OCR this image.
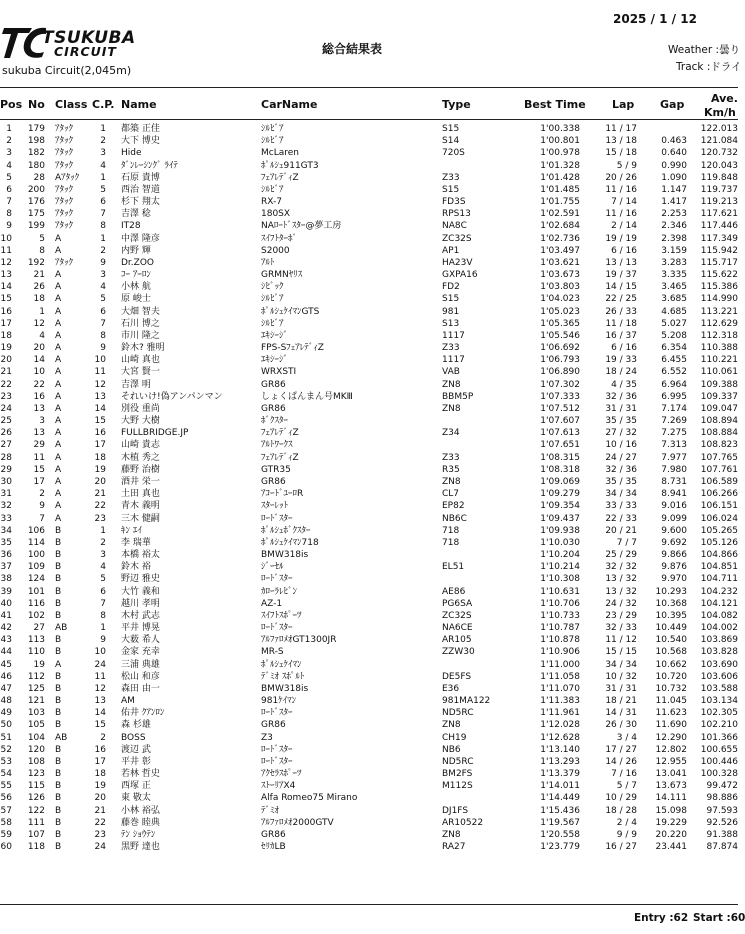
TSUKUBA
CIRCUIT
sukuba Circuit(2,045m)
総合結果表
2025 / 1 / 12
Weather :曇り
Track :ドライ
Pos No Class C.P. Name	CarName	Type	Best Time Lap Gap Ave.
Km/h
1 179 ｱﾀｯｸ	1 都築 正佳	ｼﾙﾋﾞｱ	S15	1'00.338	11 / 17	122.013
2 198 ｱﾀｯｸ	2 大下 博史	ｼﾙﾋﾞｱ	S14	1'00.801	13 / 18	0.463 121.084
3 182 ｱﾀｯｸ	3 Hide	McLaren	720S	1'00.978	15 / 18	0.640 120.732
4 180 ｱﾀｯｸ	4 ﾀﾞﾝﾚｰｼﾝｸﾞ ﾗｲﾃ	ﾎﾟﾙｼｪ911GT3	1'01.328	5 / 9	0.990 120.043
5 28 Aｱﾀｯｸ 1 石原 貴博	ﾌｪｱﾚﾃﾞｨZ	Z33	1'01.428	20 / 26	1.090 119.848
6 200 ｱﾀｯｸ	5 西治 智道	ｼﾙﾋﾞｱ	S15	1'01.485	11 / 16	1.147 119.737
7 176 ｱﾀｯｸ	6 杉下 翔太	RX-7	FD3S	1'01.755	7 / 14	1.417 119.213
8 175 ｱﾀｯｸ	7 吉澤 稔	180SX	RPS13	1'02.591	11 / 16	2.253 117.621
9 199 ｱﾀｯｸ	8 IT28	NAﾛｰﾄﾞｽﾀｰ@夢工房	NA8C	1'02.684	2 / 14	2.346 117.446
10	5 A	1 中澤 隆彦	ｽｲﾌﾄﾀｰﾎﾞ	ZC32S	1'02.736	19 / 19	2.398 117.349
11	8 A	2 内野 輝	S2000	AP1	1'03.497	6 / 16	3.159 115.942
12 192 ｱﾀｯｸ	9 Dr.ZOO	ｱﾙﾄ	HA23V	1'03.621	13 / 13	3.283 115.717
13 21 A	3 ｺｰ ｱｰﾛﾝ	GRMNﾔﾘｽ	GXPA16	1'03.673	19 / 37	3.335 115.622
14 26 A	4 小林 航	ｼﾋﾞｯｸ	FD2	1'03.803	14 / 15	3.465 115.386
15 18 A	5 原 峻士	ｼﾙﾋﾞｱ	S15	1'04.023	22 / 25	3.685 114.990
16	1 A	6 大畑 智夫	ﾎﾟﾙｼｪｹｲﾏﾝGTS	981	1'05.023	26 / 33	4.685 113.221
17 12 A	7 石川 博之	ｼﾙﾋﾞｱ	S13	1'05.365	11 / 18	5.027 112.629
18	4 A	8 市川 隆之	ｴｷｼｰｼﾞ	1117	1'05.546	16 / 37	5.208 112.318
19 20 A	9 鈴木? 雅明	FPS-SﾌｪｱﾚﾃﾞｨZ	Z33	1'06.692	6 / 16	6.354 110.388
20 14 A	10 山崎 真也	ｴｷｼｰｼﾞ	1117	1'06.793	19 / 33	6.455 110.221
21 10 A	11 大宮 賢一	WRXSTI	VAB	1'06.890	18 / 24	6.552 110.061
22 22 A	12 吉澤 明	GR86	ZN8	1'07.302	4 / 35	6.964 109.388
23 16 A	13 それいけ!偽アンパンマン	しょくぱんまん号MKⅢ	BBM5P	1'07.333	32 / 36	6.995 109.337
24 13 A	14 別役 重尚	GR86	ZN8	1'07.512	31 / 31	7.174 109.047
25	3 A	15 大野 大樹	ﾎﾞｸｽﾀｰ	1'07.607	35 / 35	7.269 108.894
26 13 A	16 FULLBRIDGE.JP	ﾌｪｱﾚﾃﾞｨZ	Z34	1'07.613	27 / 32	7.275 108.884
27 29 A	17 山崎 貴志	ｱﾙﾄﾜｰｸｽ	1'07.651	10 / 16	7.313 108.823
28 11 A	18 木植 秀之	ﾌｪｱﾚﾃﾞｨZ	Z33	1'08.315	24 / 27	7.977 107.765
29 15 A	19 藤野 治樹	GTR35	R35	1'08.318	32 / 36	7.980 107.761
30 17 A	20 酒井 栄一	GR86	ZN8	1'09.069	35 / 35	8.731 106.589
31	2 A	21 土田 真也	ｱｺｰﾄﾞﾕｰﾛR	CL7	1'09.279	34 / 34	8.941 106.266
32	9 A	22 青木 義明	ｽﾀｰﾚｯﾄ	EP82	1'09.354	33 / 33	9.016 106.151
33	7 A	23 三木 健嗣	ﾛｰﾄﾞｽﾀｰ	NB6C	1'09.437	22 / 33	9.099 106.024
34 106 B	1 ｷﾝ ｴｲ	ﾎﾟﾙｼｪﾎﾞｸｽﾀｰ	718	1'09.938	20 / 21	9.600 105.265
35 114 B	2 李 瑞華	ﾎﾟﾙｼｪｹｲﾏﾝ718	718	1'10.030	7 / 7	9.692 105.126
36 100 B	3 本橋 裕太	BMW318is	1'10.204	25 / 29	9.866 104.866
37 109 B	4 鈴木 裕	ｼﾞｰｾﾙ	EL51	1'10.214	32 / 32	9.876 104.851
38 124 B	5 野辺 雅史	ﾛｰﾄﾞｽﾀｰ	1'10.308	13 / 32	9.970 104.711
39 101 B	6 大竹 義和	ｶﾛｰﾗﾚﾋﾞﾝ	AE86	1'10.631	13 / 32 10.293 104.232
40 116 B	7 越川 孝明	AZ-1	PG6SA	1'10.706	24 / 32 10.368 104.121
41 102 B	8 木村 武志	ｽｲﾌﾄｽﾎﾟｰﾂ	ZC32S	1'10.733	23 / 29 10.395 104.082
42 27 AB	1 平井 博晃	ﾛｰﾄﾞｽﾀｰ	NA6CE	1'10.787	32 / 33 10.449 104.002
43 113 B	9 大薮 希人	ｱﾙﾌｧﾛﾒｵGT1300JR	AR105	1'10.878	11 / 12 10.540 103.869
44 110 B	10 金家 充幸	MR-S	ZZW30	1'10.906	15 / 15 10.568 103.828
45 19 A	24 三浦 典雄	ﾎﾟﾙｼｪｹｲﾏﾝ	1'11.000	34 / 34 10.662 103.690
46 112 B	11 松山 和彦	ﾃﾞﾐｵ ｽﾎﾟﾙﾄ	DE5FS	1'11.058	10 / 32 10.720 103.606
47 125 B	12 森田 由一	BMW318is	E36	1'11.070	31 / 31 10.732 103.588
48 121 B	13 AM	981ｹｲﾏﾝ	981MA122	1'11.383	18 / 21 11.045 103.134
49 103 B	14 佑井 ｸｱﾝﾛﾝ	ﾛｰﾄﾞｽﾀｰ	ND5RC	1'11.961	14 / 31 11.623 102.305
50 105 B	15 森 杉雄	GR86	ZN8	1'12.028	26 / 30 11.690 102.210
51 104 AB	2 BOSS	Z3	CH19	1'12.628	3 / 4 12.290 101.366
52 120 B	16 渡辺 武	ﾛｰﾄﾞｽﾀｰ	NB6	1'13.140	17 / 27 12.802 100.655
53 108 B	17 平井 彰	ﾛｰﾄﾞｽﾀｰ	ND5RC	1'13.293	14 / 26 12.955 100.446
54 123 B	18 若林 哲史	ｱｸｾﾗｽﾎﾟｰﾂ	BM2FS	1'13.379	7 / 16 13.041 100.328
55 115 B	19 西塚 正	ｽﾄｰﾘｱX4	M112S	1'14.011	5 / 7 13.673 99.472
56 126 B	20 東 敬太	Alfa Romeo75 Mirano	1'14.449	10 / 29 14.111 98.886
57 122 B	21 小林 裕弘	ﾃﾞﾐｵ	DJ1FS	1'15.436	18 / 28 15.098 97.593
58 111 B	22 藤巻 睦典	ｱﾙﾌｧﾛﾒｵ2000GTV	AR10522	1'19.567	2 / 4 19.229 92.526
59 107 B	23 ﾃﾝ ｼｮｳﾃﾝ	GR86	ZN8	1'20.558	9 / 9 20.220 91.388
60 118 B	24 黒野 達也	ｾﾘｶLB	RA27	1'23.779	16 / 27 23.441 87.874
Entry :62 Start :60
